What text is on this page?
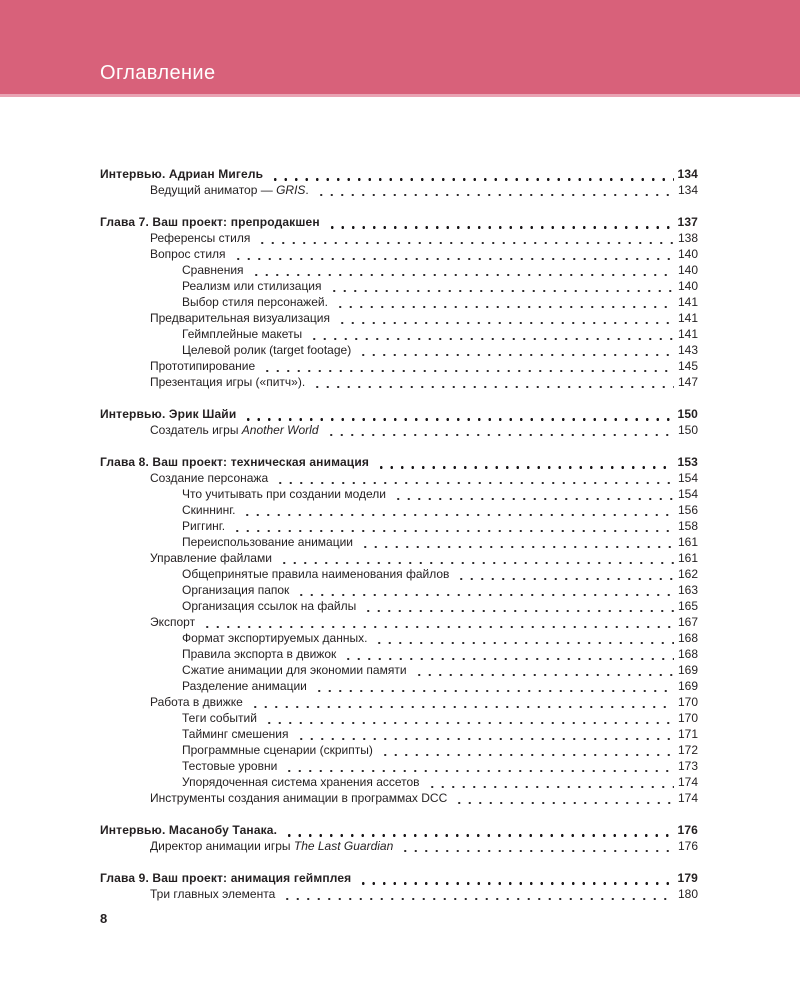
Оглавление
Интервью. Адриан Мигель	134
Ведущий аниматор — GRIS.	134
Глава 7. Ваш проект: препродакшен	137
Референсы стиля	138
Вопрос стиля	140
Сравнения	140
Реализм или стилизация	140
Выбор стиля персонажей.	141
Предварительная визуализация	141
Геймплейные макеты	141
Целевой ролик (target footage)	143
Прототипирование	145
Презентация игры («питч»).	147
Интервью. Эрик Шайи	150
Создатель игры Another World	150
Глава 8. Ваш проект: техническая анимация	153
Создание персонажа	154
Что учитывать при создании модели	154
Скиннинг.	156
Риггинг.	158
Переиспользование анимации	161
Управление файлами	161
Общепринятые правила наименования файлов	162
Организация папок	163
Организация ссылок на файлы	165
Экспорт	167
Формат экспортируемых данных.	168
Правила экспорта в движок	168
Сжатие анимации для экономии памяти	169
Разделение анимации	169
Работа в движке	170
Теги событий	170
Тайминг смешения	171
Программные сценарии (скрипты)	172
Тестовые уровни	173
Упорядоченная система хранения ассетов	174
Инструменты создания анимации в программах DCC	174
Интервью. Масанобу Танака.	176
Директор анимации игры The Last Guardian	176
Глава 9. Ваш проект: анимация геймплея	179
Три главных элемента	180
8
